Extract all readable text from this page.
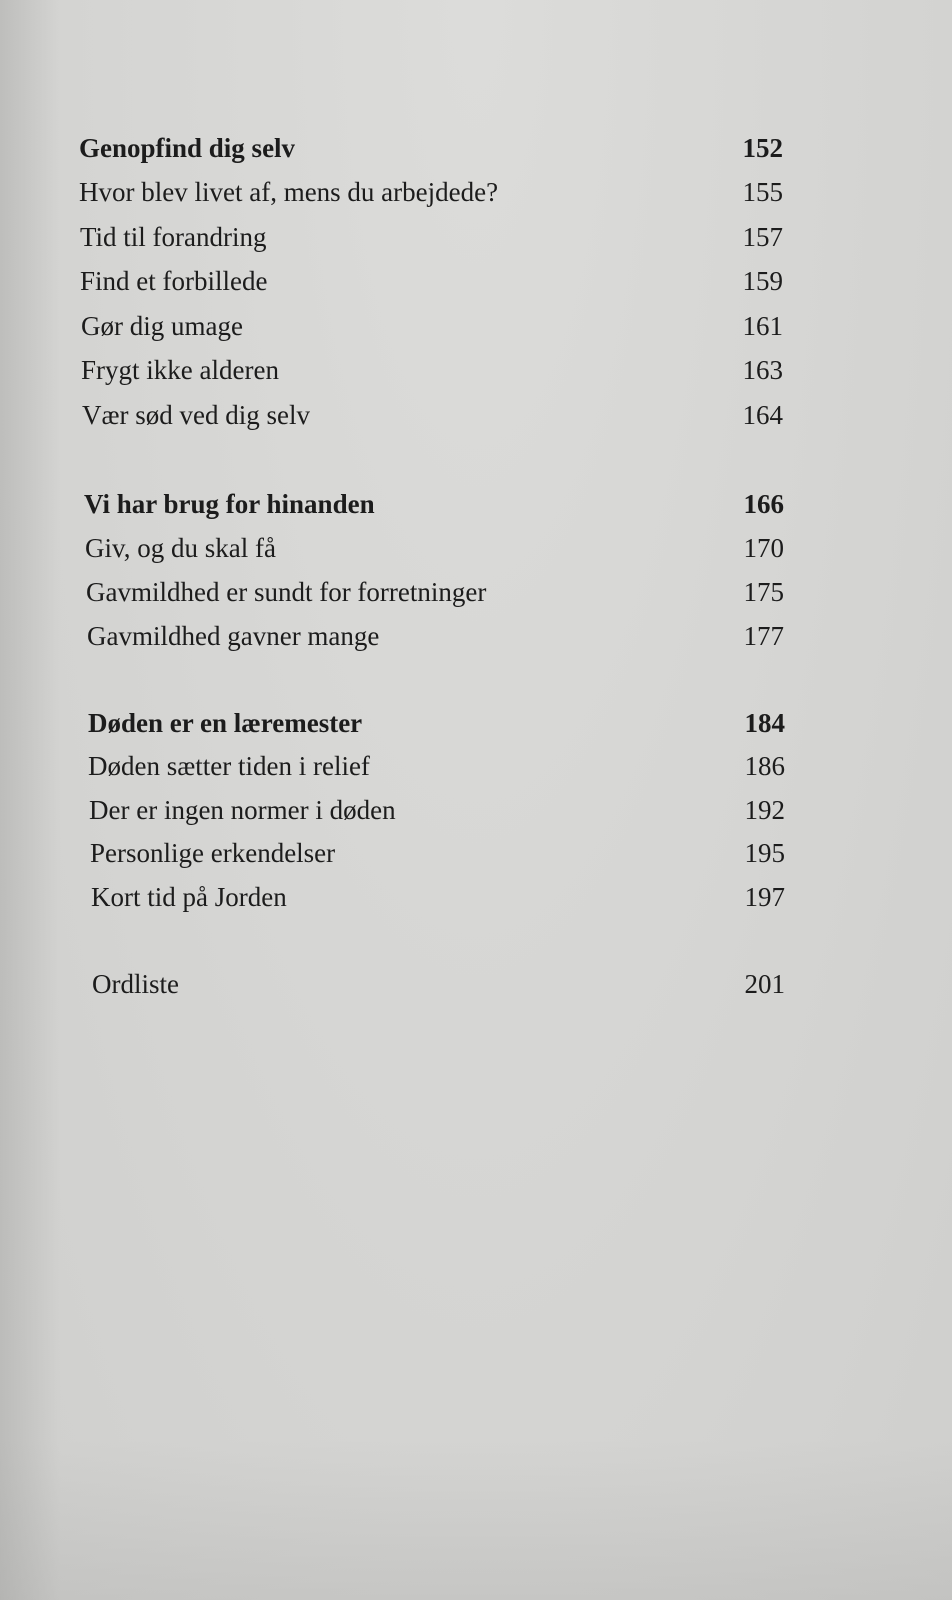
Genopfind dig selv	152
Hvor blev livet af, mens du arbejdede?	155
Tid til forandring	157
Find et forbillede	159
Gør dig umage	161
Frygt ikke alderen	163
Vær sød ved dig selv	164
Vi har brug for hinanden	166
Giv, og du skal få	170
Gavmildhed er sundt for forretninger	175
Gavmildhed gavner mange	177
Døden er en læremester	184
Døden sætter tiden i relief	186
Der er ingen normer i døden	192
Personlige erkendelser	195
Kort tid på Jorden	197
Ordliste	201
